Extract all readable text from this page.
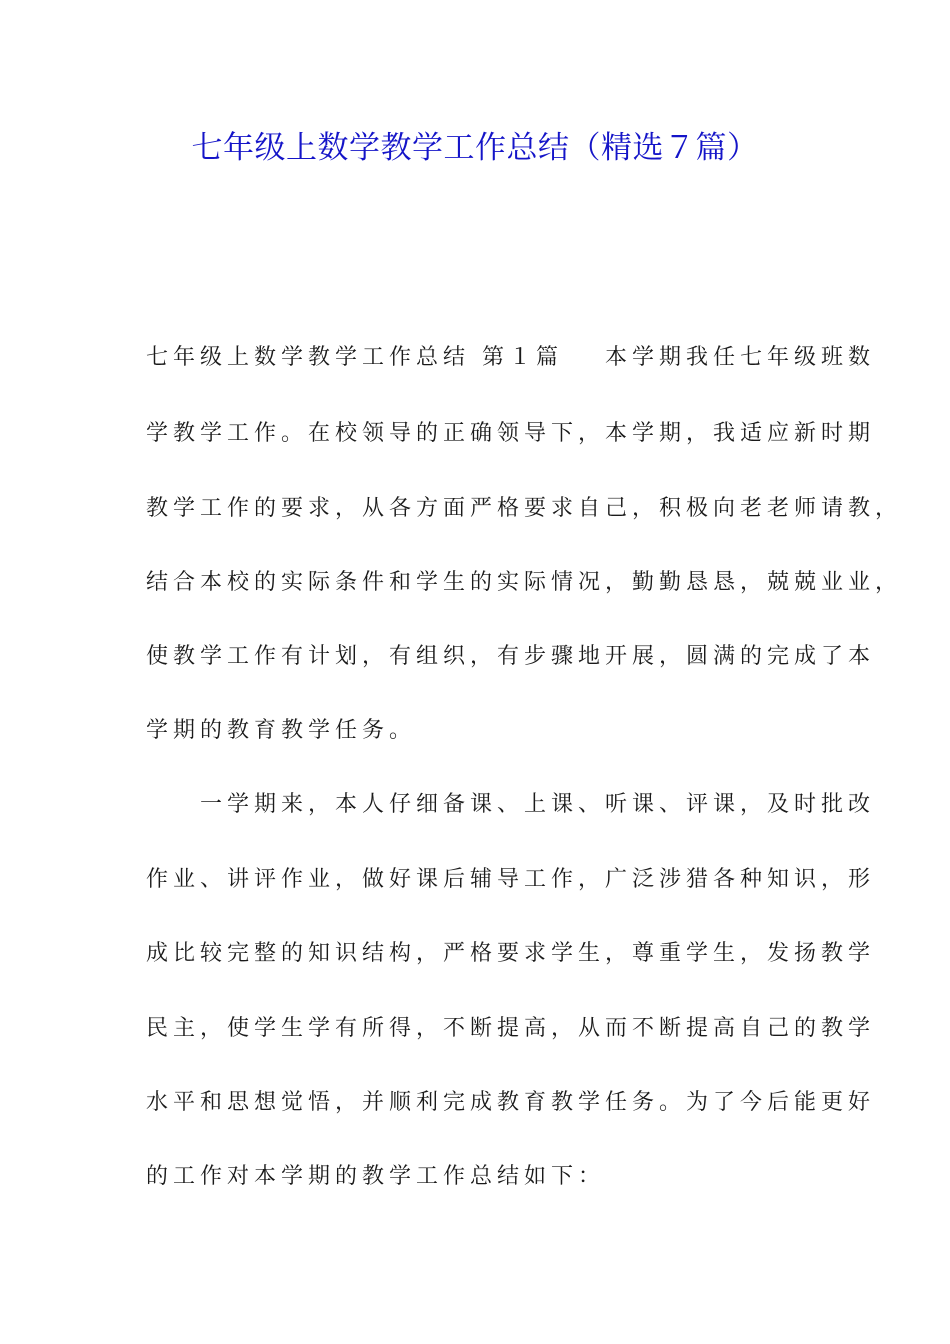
七年级上数学教学工作总结（精选７篇）
七年级上数学教学工作总结 第１篇 本学期我任七年级班数
学教学工作。在校领导的正确领导下，本学期，我适应新时期
教学工作的要求，从各方面严格要求自己，积极向老老师请教，
结合本校的实际条件和学生的实际情况，勤勤恳恳，兢兢业业，
使教学工作有计划，有组织，有步骤地开展，圆满的完成了本
学期的教育教学任务。
　　一学期来，本人仔细备课、上课、听课、评课，及时批改
作业、讲评作业，做好课后辅导工作，广泛涉猎各种知识，形
成比较完整的知识结构，严格要求学生，尊重学生，发扬教学
民主，使学生学有所得，不断提高，从而不断提高自己的教学
水平和思想觉悟，并顺利完成教育教学任务。为了今后能更好
的工作对本学期的教学工作总结如下：
